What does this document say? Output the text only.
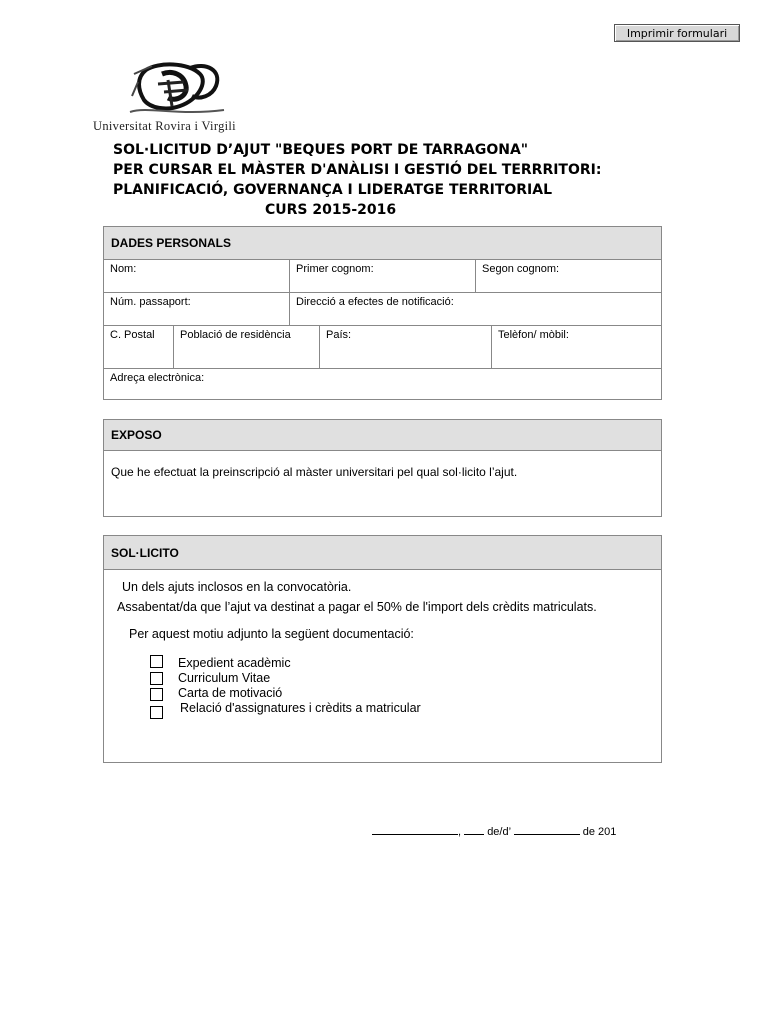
Imprimir formulari
Universitat Rovira i Virgili
SOL·LICITUD D’AJUT "BEQUES PORT DE TARRAGONA"
PER CURSAR EL MÀSTER D'ANÀLISI I GESTIÓ DEL TERRRITORI:
PLANIFICACIÓ, GOVERNANÇA I LIDERATGE TERRITORIAL
CURS 2015-2016
DADES PERSONALS
Nom:	Primer cognom:	Segon cognom:
Núm. passaport:	Direcció a efectes de notificació:
C. Postal	Població de residència	País:	Telèfon/ mòbil:
Adreça electrònica:
EXPOSO
Que he efectuat la preinscripció al màster universitari pel qual sol·licito l’ajut.
SOL·LICITO
Un dels ajuts inclosos en la convocatòria.
Assabentat/da que l’ajut va destinat a pagar el 50% de l'import dels crèdits matriculats.
Per aquest motiu adjunto la següent documentació:
Expedient acadèmic
Curriculum Vitae
Carta de motivació
Relació d'assignatures i crèdits a matricular
, de/d’	de 201
